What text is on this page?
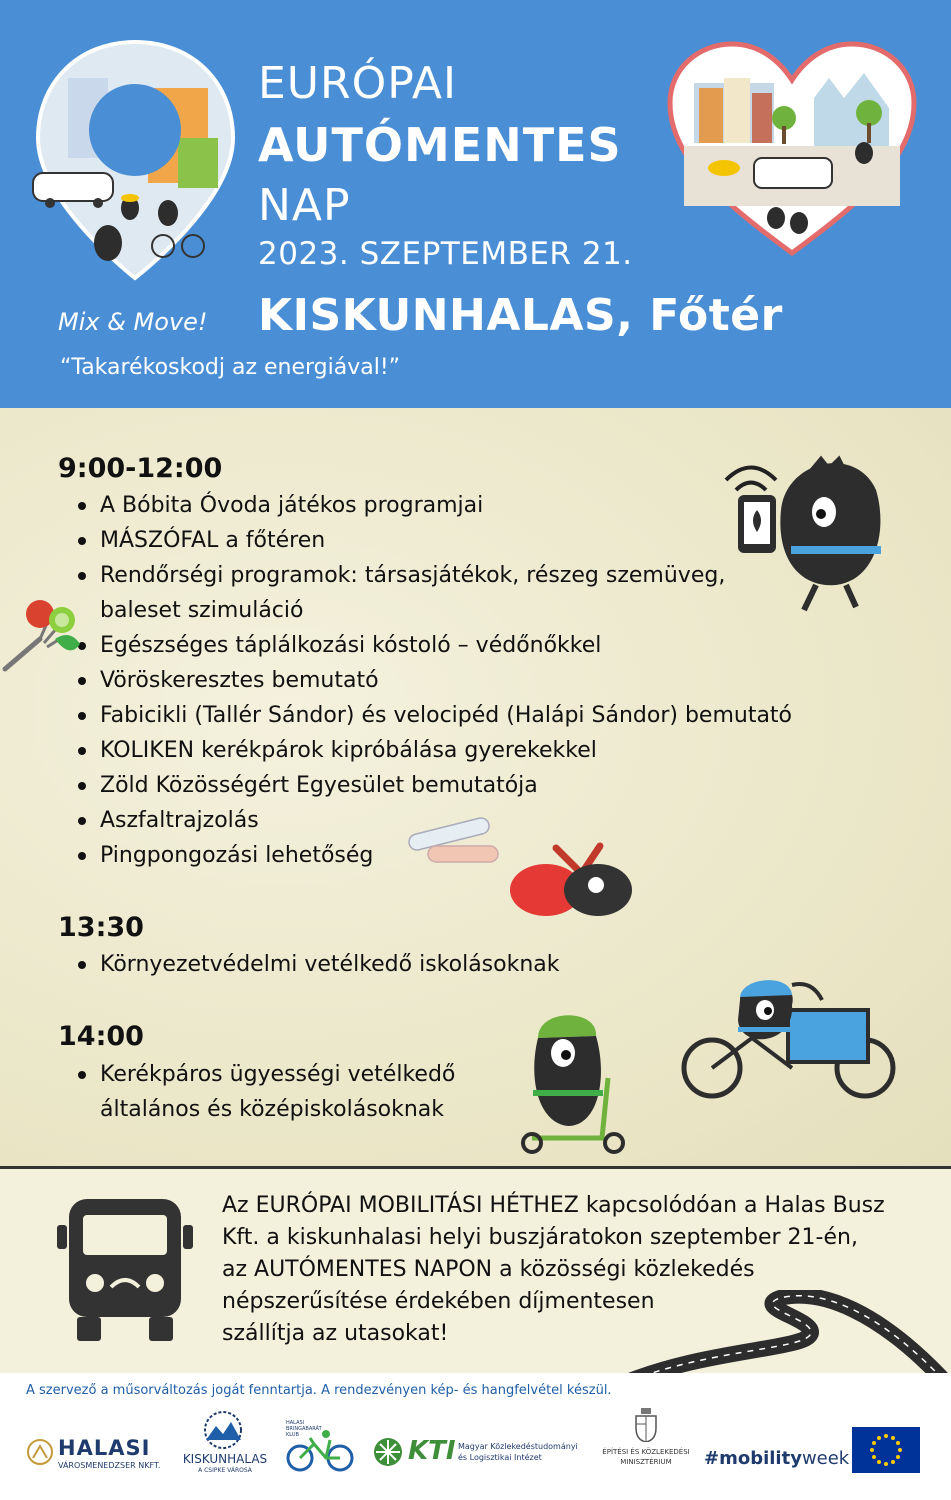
EURÓPAI
AUTÓMENTES
NAP
2023. SZEPTEMBER 21.
KISKUNHALAS, Főtér
Mix & Move!
“Takarékoskodj az energiával!”
9:00-12:00
A Bóbita Óvoda játékos programjai
MÁSZÓFAL a főtéren
Rendőrségi programok: társasjátékok, részeg szemüveg,
baleset szimuláció
Egészséges táplálkozási kóstoló – védőnőkkel
Vöröskeresztes bemutató
Fabicikli (Tallér Sándor) és velocipéd (Halápi Sándor) bemutató
KOLIKEN kerékpárok kipróbálása gyerekekkel
Zöld Közösségért Egyesület bemutatója
Aszfaltrajzolás
Pingpongozási lehetőség
13:30
Környezetvédelmi vetélkedő iskolásoknak
14:00
Kerékpáros ügyességi vetélkedő
általános és középiskolásoknak
Az EURÓPAI MOBILITÁSI HÉTHEZ kapcsolódóan a Halas Busz
Kft. a kiskunhalasi helyi buszjáratokon szeptember 21-én,
az AUTÓMENTES NAPON a közösségi közlekedés
népszerűsítése érdekében díjmentesen
szállítja az utasokat!
A szervező a műsorváltozás jogát fenntartja. A rendezvényen kép- és hangfelvétel készül.
HALASI
VÁROSMENEDZSER NKFT. KISKUNHALAS
A CSIPKE VÁROSA
HALASI BRINGABARÁT KLUB
KTI Magyar Közlekedéstudományi
és Logisztikai Intézet
ÉPÍTÉSI ÉS KÖZLEKEDÉSI
MINISZTÉRIUM	#mobilityweek
